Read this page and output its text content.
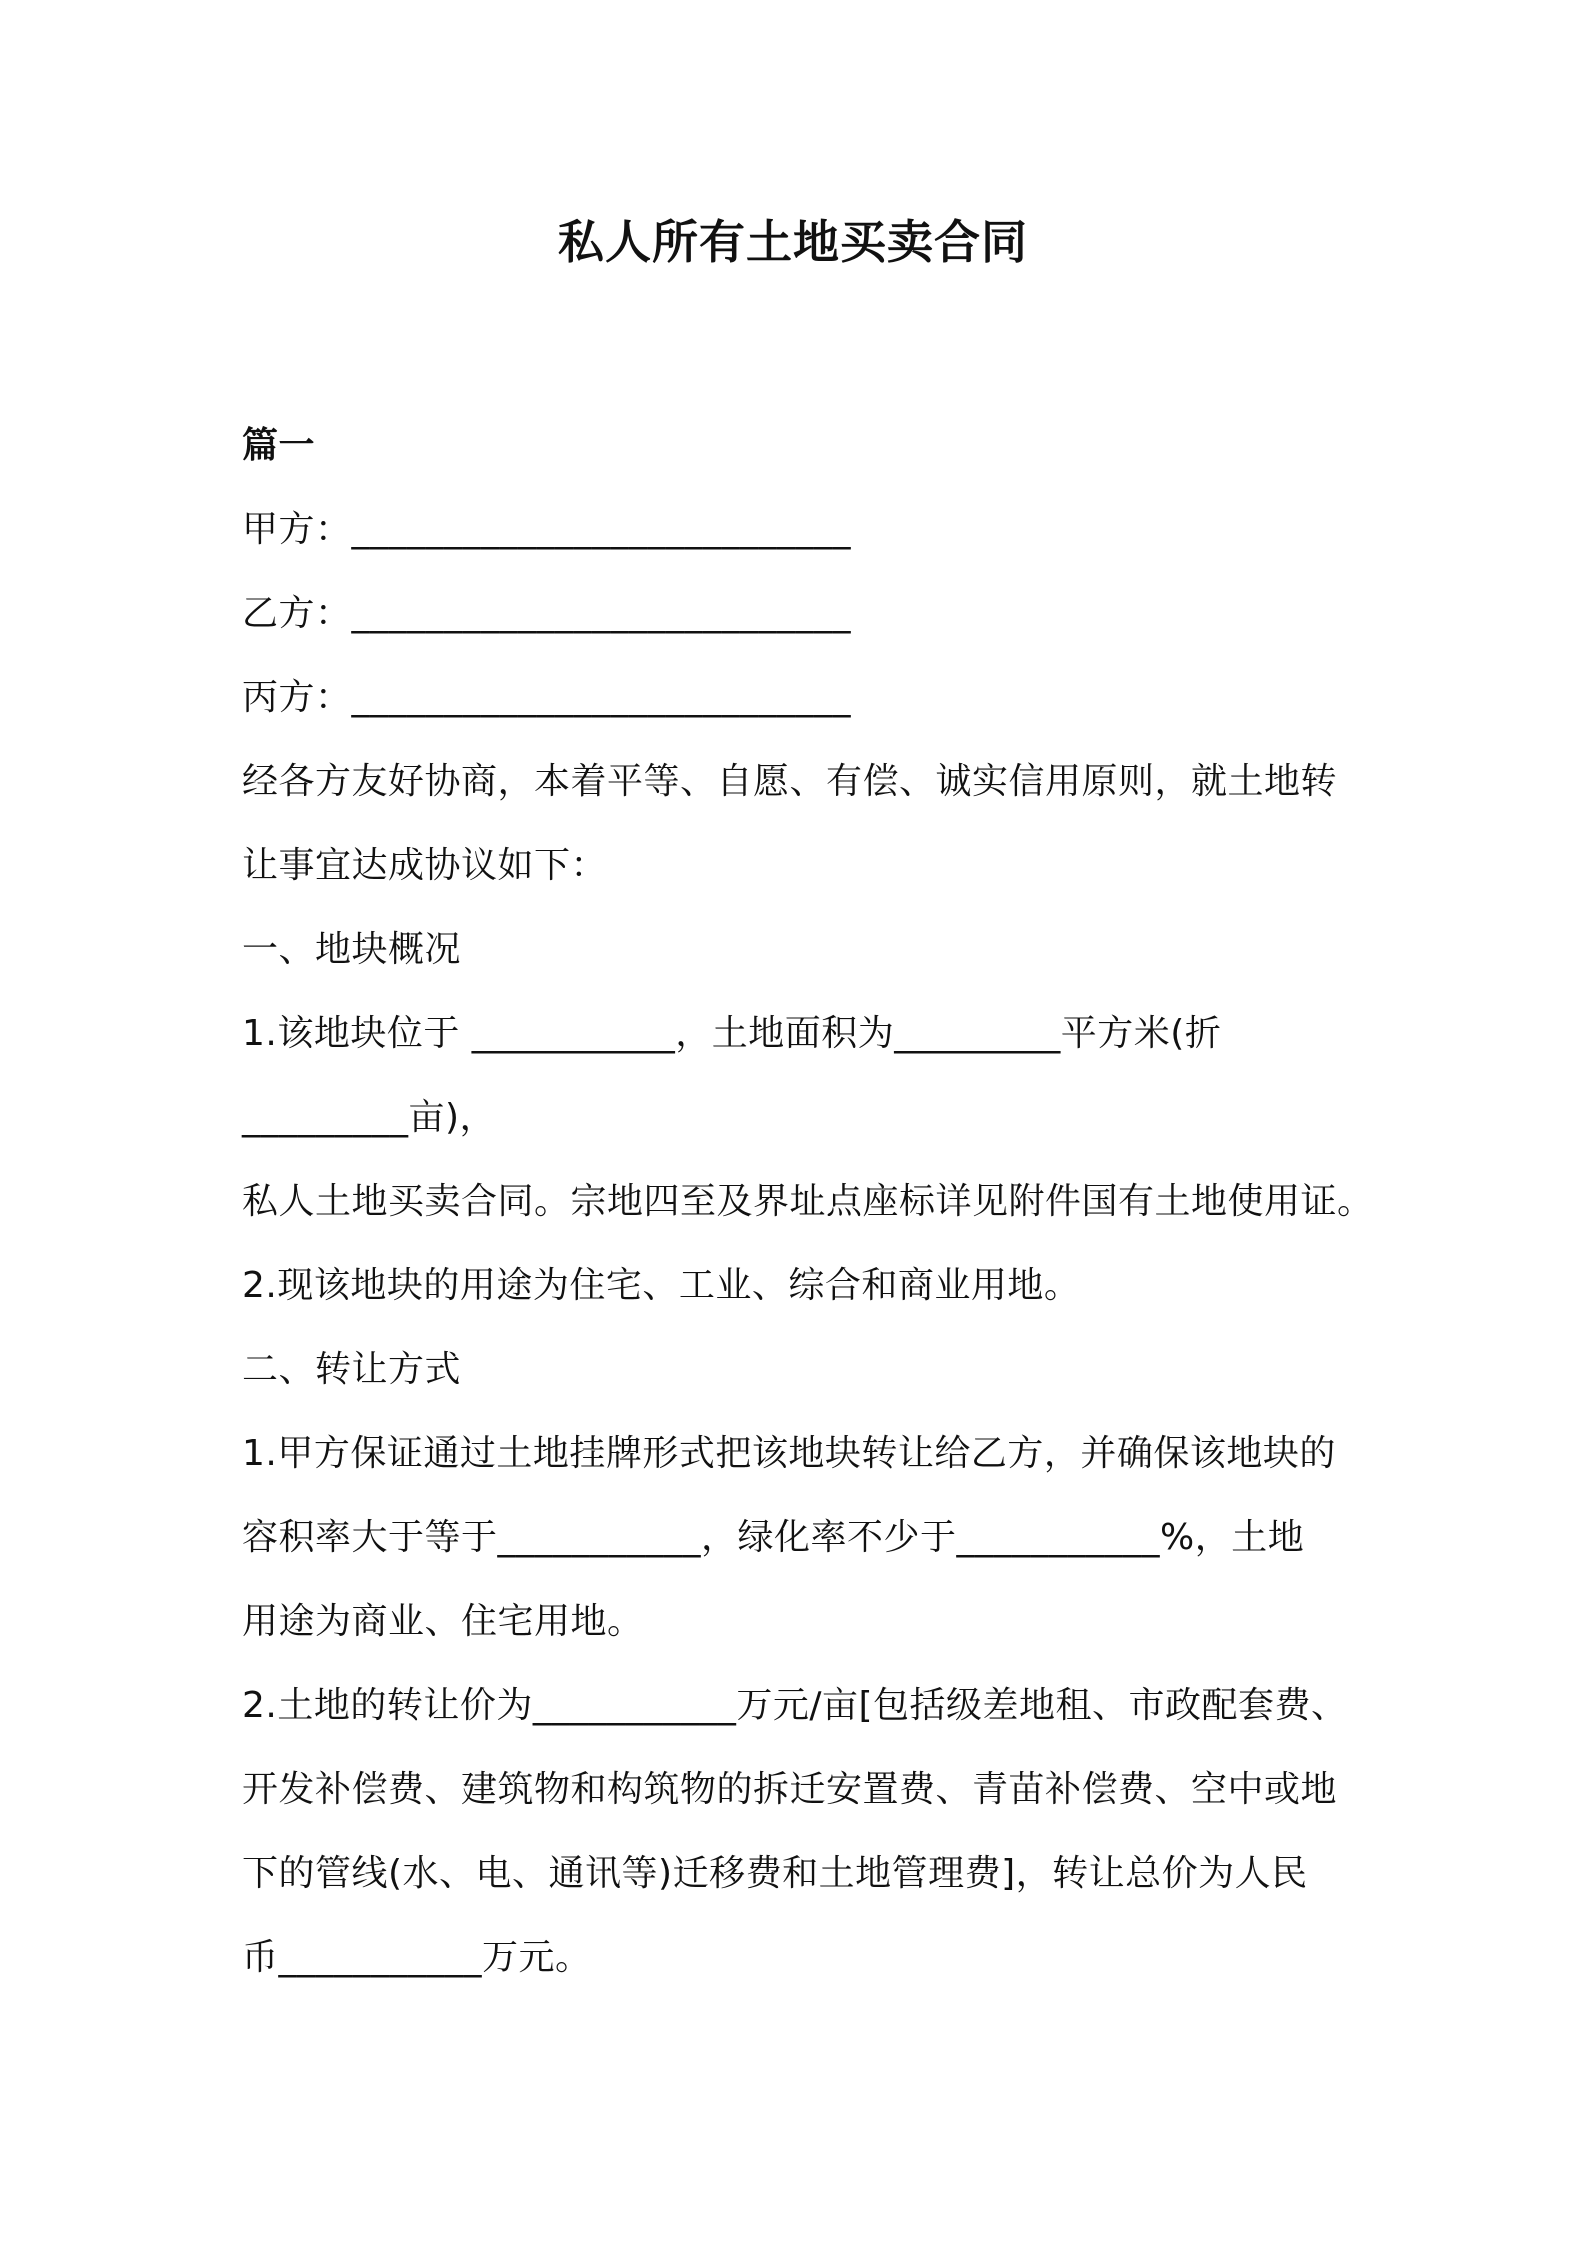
私人所有土地买卖合同
篇一
甲方：___________________________
乙方：___________________________
丙方：___________________________
经各方友好协商，本着平等、自愿、有偿、诚实信用原则，就土地转
让事宜达成协议如下：
一、地块概况
1.该地块位于 ___________，土地面积为_________平方米(折
_________亩)，
私人土地买卖合同。宗地四至及界址点座标详见附件国有土地使用证。
2.现该地块的用途为住宅、工业、综合和商业用地。
二、转让方式
1.甲方保证通过土地挂牌形式把该地块转让给乙方，并确保该地块的
容积率大于等于___________，绿化率不少于___________%，土地
用途为商业、住宅用地。
2.土地的转让价为___________万元/亩[包括级差地租、市政配套费、
开发补偿费、建筑物和构筑物的拆迁安置费、青苗补偿费、空中或地
下的管线(水、电、通讯等)迁移费和土地管理费]，转让总价为人民
币___________万元。
